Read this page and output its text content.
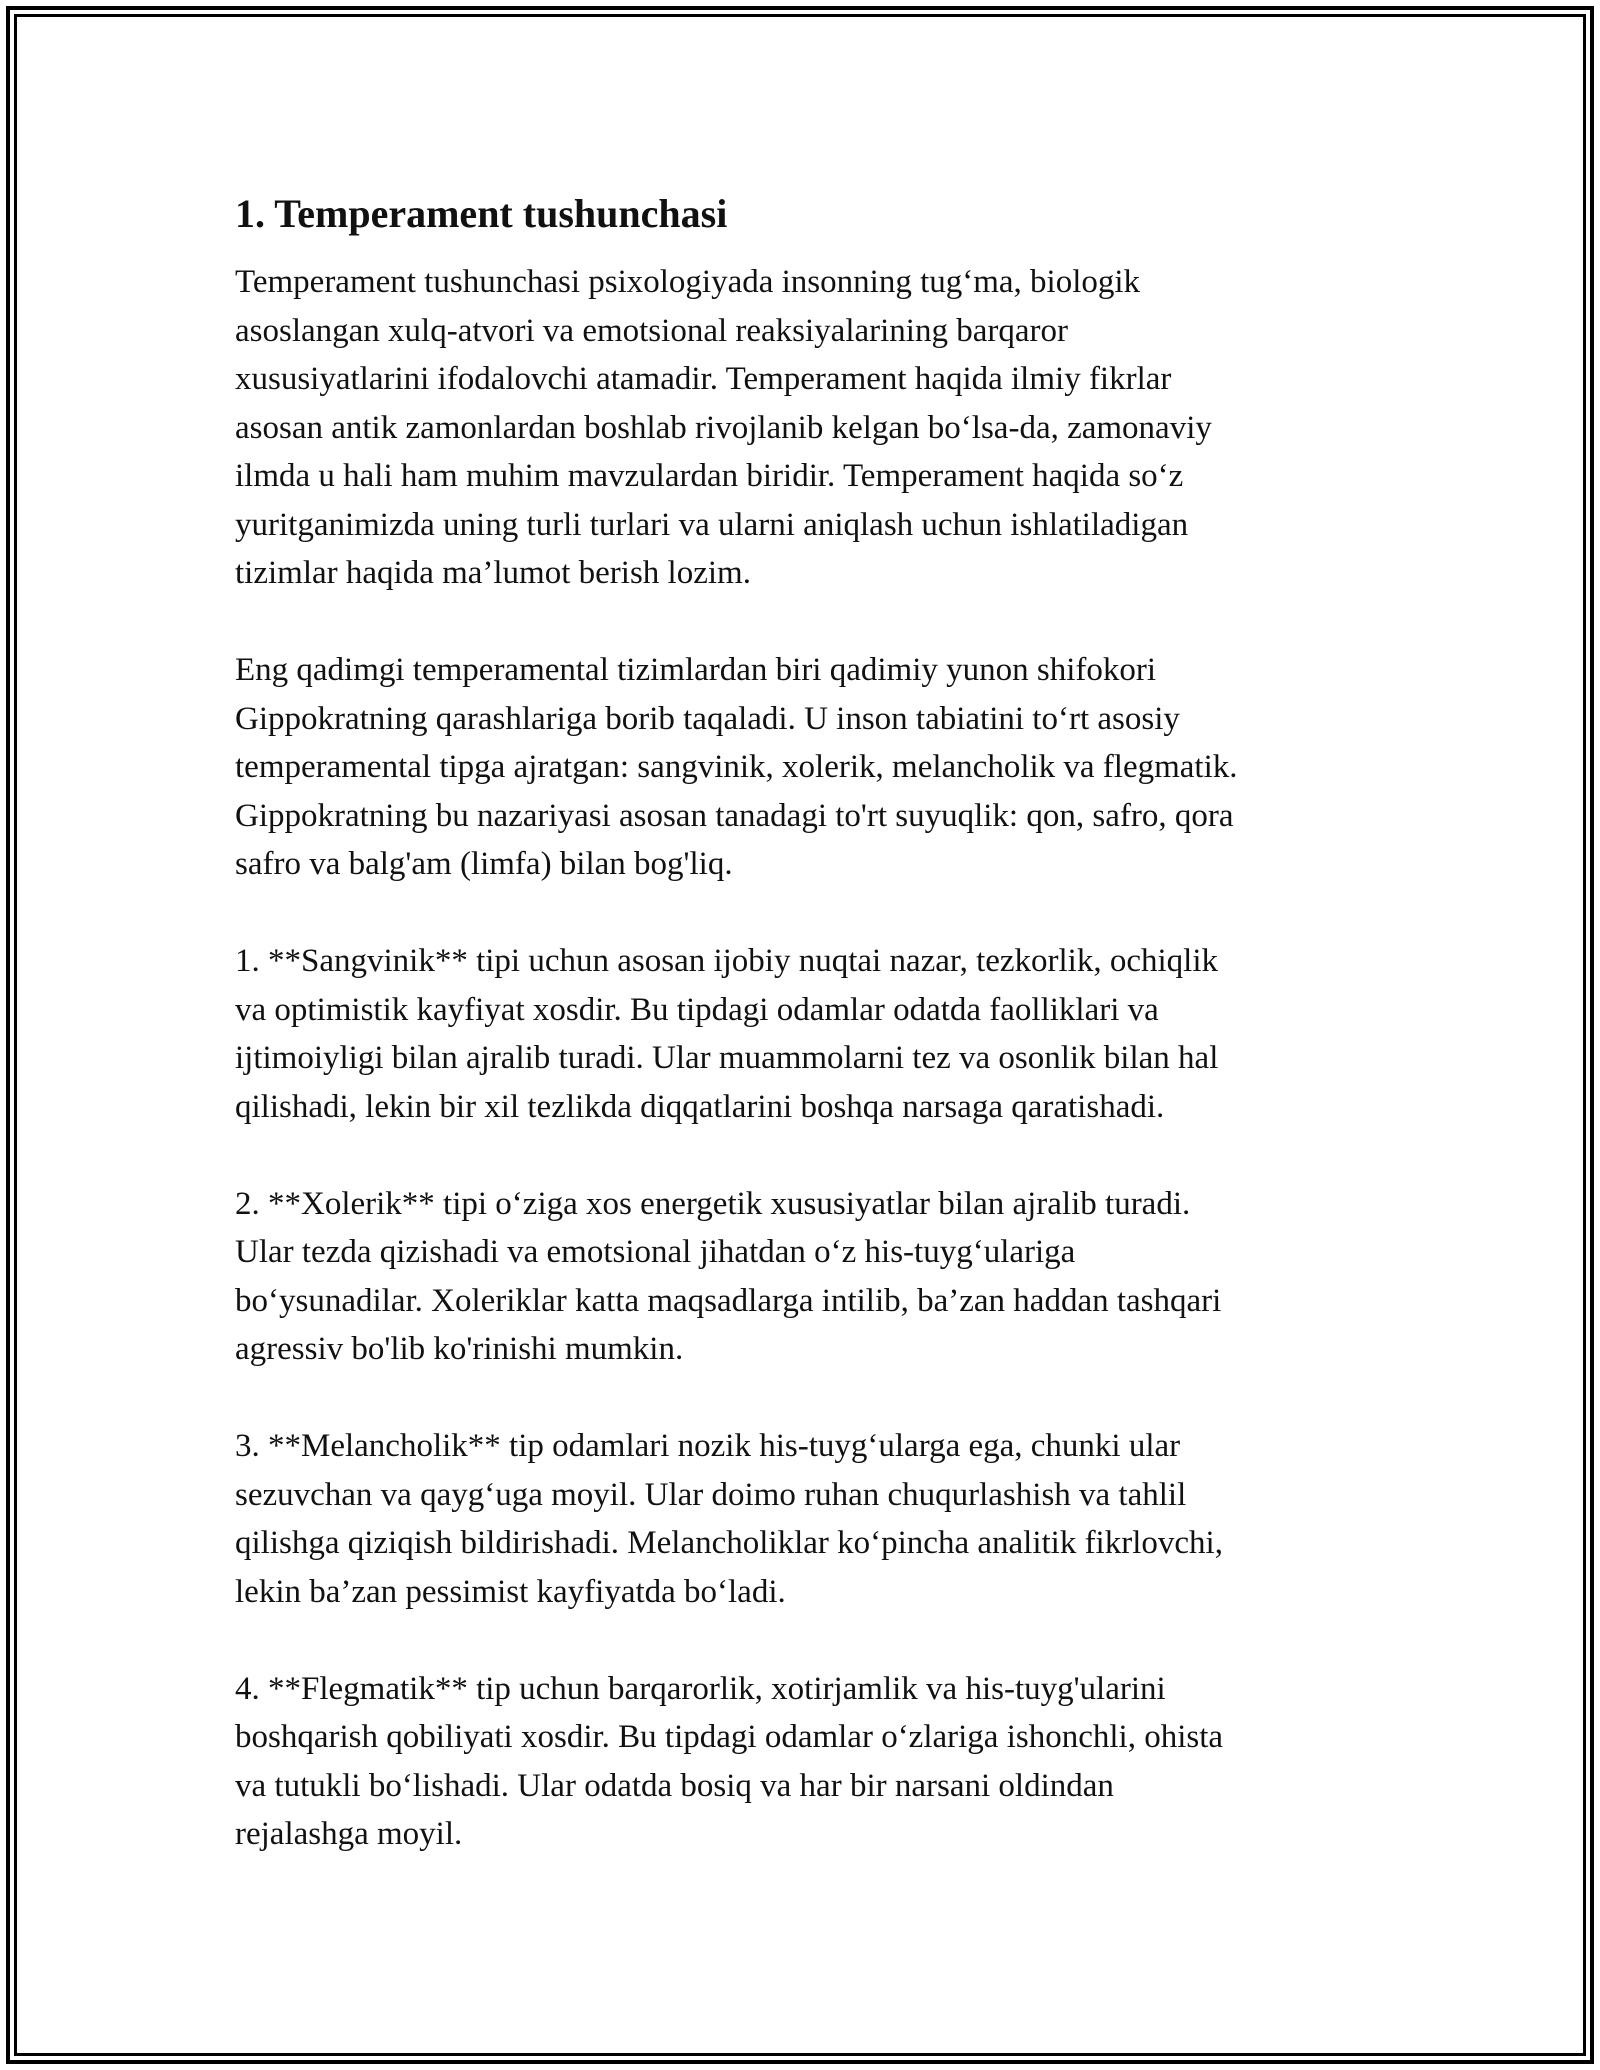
1. Temperament tushunchasi
Temperament tushunchasi psixologiyada insonning tug‘ma, biologik
asoslangan xulq-atvori va emotsional reaksiyalarining barqaror
xususiyatlarini ifodalovchi atamadir. Temperament haqida ilmiy fikrlar
asosan antik zamonlardan boshlab rivojlanib kelgan bo‘lsa-da, zamonaviy
ilmda u hali ham muhim mavzulardan biridir. Temperament haqida so‘z
yuritganimizda uning turli turlari va ularni aniqlash uchun ishlatiladigan
tizimlar haqida ma’lumot berish lozim.
Eng qadimgi temperamental tizimlardan biri qadimiy yunon shifokori
Gippokratning qarashlariga borib taqaladi. U inson tabiatini to‘rt asosiy
temperamental tipga ajratgan: sangvinik, xolerik, melancholik va flegmatik.
Gippokratning bu nazariyasi asosan tanadagi to'rt suyuqlik: qon, safro, qora
safro va balg'am (limfa) bilan bog'liq.
1. **Sangvinik** tipi uchun asosan ijobiy nuqtai nazar, tezkorlik, ochiqlik
va optimistik kayfiyat xosdir. Bu tipdagi odamlar odatda faolliklari va
ijtimoiyligi bilan ajralib turadi. Ular muammolarni tez va osonlik bilan hal
qilishadi, lekin bir xil tezlikda diqqatlarini boshqa narsaga qaratishadi.
2. **Xolerik** tipi o‘ziga xos energetik xususiyatlar bilan ajralib turadi.
Ular tezda qizishadi va emotsional jihatdan o‘z his-tuyg‘ulariga
bo‘ysunadilar. Xoleriklar katta maqsadlarga intilib, ba’zan haddan tashqari
agressiv bo'lib ko'rinishi mumkin.
3. **Melancholik** tip odamlari nozik his-tuyg‘ularga ega, chunki ular
sezuvchan va qayg‘uga moyil. Ular doimo ruhan chuqurlashish va tahlil
qilishga qiziqish bildirishadi. Melancholiklar ko‘pincha analitik fikrlovchi,
lekin ba’zan pessimist kayfiyatda bo‘ladi.
4. **Flegmatik** tip uchun barqarorlik, xotirjamlik va his-tuyg'ularini
boshqarish qobiliyati xosdir. Bu tipdagi odamlar o‘zlariga ishonchli, ohista
va tutukli bo‘lishadi. Ular odatda bosiq va har bir narsani oldindan
rejalashga moyil.
